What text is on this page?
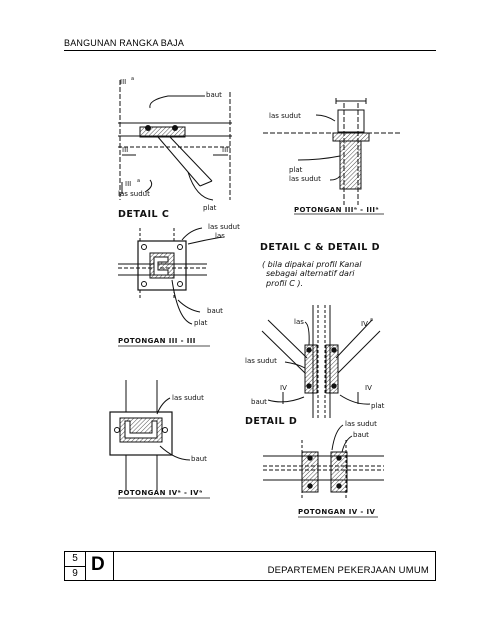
BANGUNAN RANGKA BAJA
baut
III a
III	III
III a
las sudut
plat
DETAIL C
las sudut
plat
las sudut
POTONGAN IIIᵃ - IIIᵃ
las sudut
las
baut
plat
POTONGAN III - III
DETAIL C & DETAIL D
( bila dipakai profil Kanal
sebagai alternatif dari
profil C ).
las	IV a
las sudut
IV	IV
baut	plat
DETAIL D
las sudut
baut
POTONGAN IVᵃ - IVᵃ
las sudut
baut
POTONGAN IV - IV
5
9 D	DEPARTEMEN PEKERJAAN UMUM
